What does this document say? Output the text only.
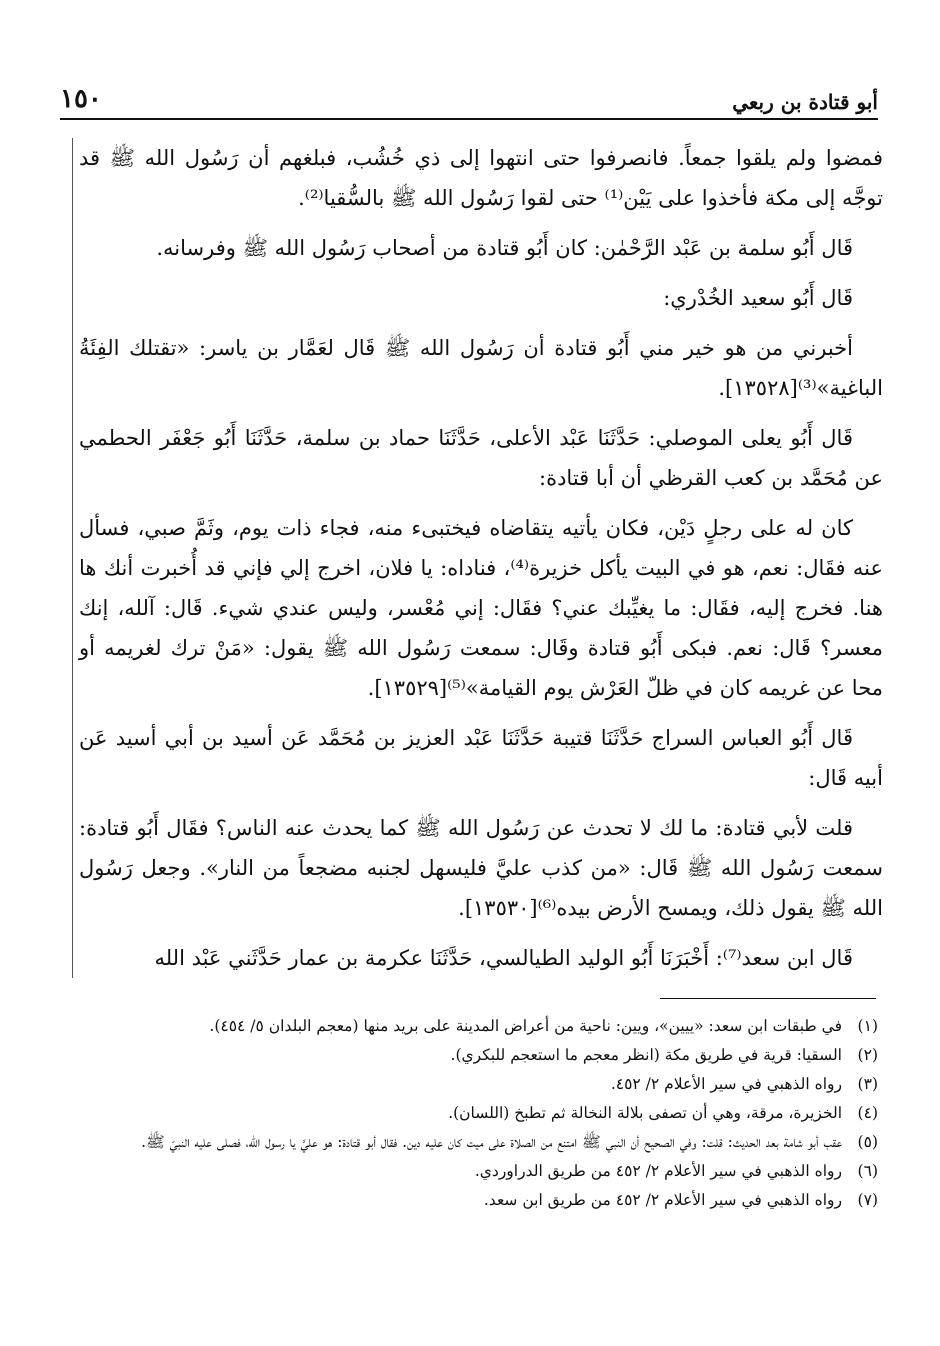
أبو قتادة بن ربعي
١٥٠

فمضوا ولم يلقوا جمعاً. فانصرفوا حتى انتهوا إلى ذي خُشُب، فبلغهم أن رَسُول الله ﷺ قد توجَّه إلى مكة فأخذوا على يَيْن⁽¹⁾ حتى لقوا رَسُول الله ﷺ بالسُّقيا⁽²⁾.

قَال أَبُو سلمة بن عَبْد الرَّحْمٰن: كان أَبُو قتادة من أصحاب رَسُول الله ﷺ وفرسانه.

قَال أَبُو سعيد الخُدْري:

أخبرني من هو خير مني أَبُو قتادة أن رَسُول الله ﷺ قَال لعَمَّار بن ياسر: «تقتلك الفِئَةُ الباغية»⁽³⁾[١٣٥٢٨].

قَال أَبُو يعلى الموصلي: حَدَّثَنَا عَبْد الأعلى، حَدَّثَنَا حماد بن سلمة، حَدَّثَنَا أَبُو جَعْفَر الحطمي عن مُحَمَّد بن كعب القرظي أن أبا قتادة:

كان له على رجلٍ دَيْن، فكان يأتيه يتقاضاه فيختبىء منه، فجاء ذات يوم، وثَمَّ صبي، فسأل عنه فقَال: نعم، هو في البيت يأكل خزيرة⁽⁴⁾، فناداه: يا فلان، اخرج إلي فإني قد أُخبرت أنك ها هنا. فخرج إليه، فقَال: ما يغيِّبك عني؟ فقَال: إني مُعْسر، وليس عندي شيء. قَال: آلله، إنك معسر؟ قَال: نعم. فبكى أَبُو قتادة وقَال: سمعت رَسُول الله ﷺ يقول: «مَنْ ترك لغريمه أو محا عن غريمه كان في ظلّ العَرْش يوم القيامة»⁽⁵⁾[١٣٥٢٩].

قَال أَبُو العباس السراج حَدَّثَنَا قتيبة حَدَّثَنَا عَبْد العزيز بن مُحَمَّد عَن أسيد بن أبي أسيد عَن أبيه قَال:

قلت لأبي قتادة: ما لك لا تحدث عن رَسُول الله ﷺ كما يحدث عنه الناس؟ فقَال أَبُو قتادة: سمعت رَسُول الله ﷺ قَال: «من كذب عليَّ فليسهل لجنبه مضجعاً من النار». وجعل رَسُول الله ﷺ يقول ذلك، ويمسح الأرض بيده⁽⁶⁾[١٣٥٣٠].

قَال ابن سعد⁽⁷⁾: أَخْبَرَنَا أَبُو الوليد الطيالسي، حَدَّثَنَا عكرمة بن عمار حَدَّثَني عَبْد الله

(١)
في طبقات ابن سعد: «ييين»، ويين: ناحية من أعراض المدينة على بريد منها (معجم البلدان ٥/ ٤٥٤).
(٢)
السقيا: قرية في طريق مكة (انظر معجم ما استعجم للبكري).
(٣)
رواه الذهبي في سير الأعلام ٢/ ٤٥٢.
(٤)
الخزيرة، مرقة، وهي أن تصفى بلالة النخالة ثم تطبخ (اللسان).
(٥)
عقب أبو شامة بعد الحديث: قلت: وفي الصحيح أن النبي ﷺ امتنع من الصلاة على ميت كان عليه دين. فقال أبو قتادة: هو عليَّ يا رسول الله، فصلى عليه النبيّ ﷺ.
(٦)
رواه الذهبي في سير الأعلام ٢/ ٤٥٢ من طريق الدراوردي.
(٧)
رواه الذهبي في سير الأعلام ٢/ ٤٥٢ من طريق ابن سعد.
